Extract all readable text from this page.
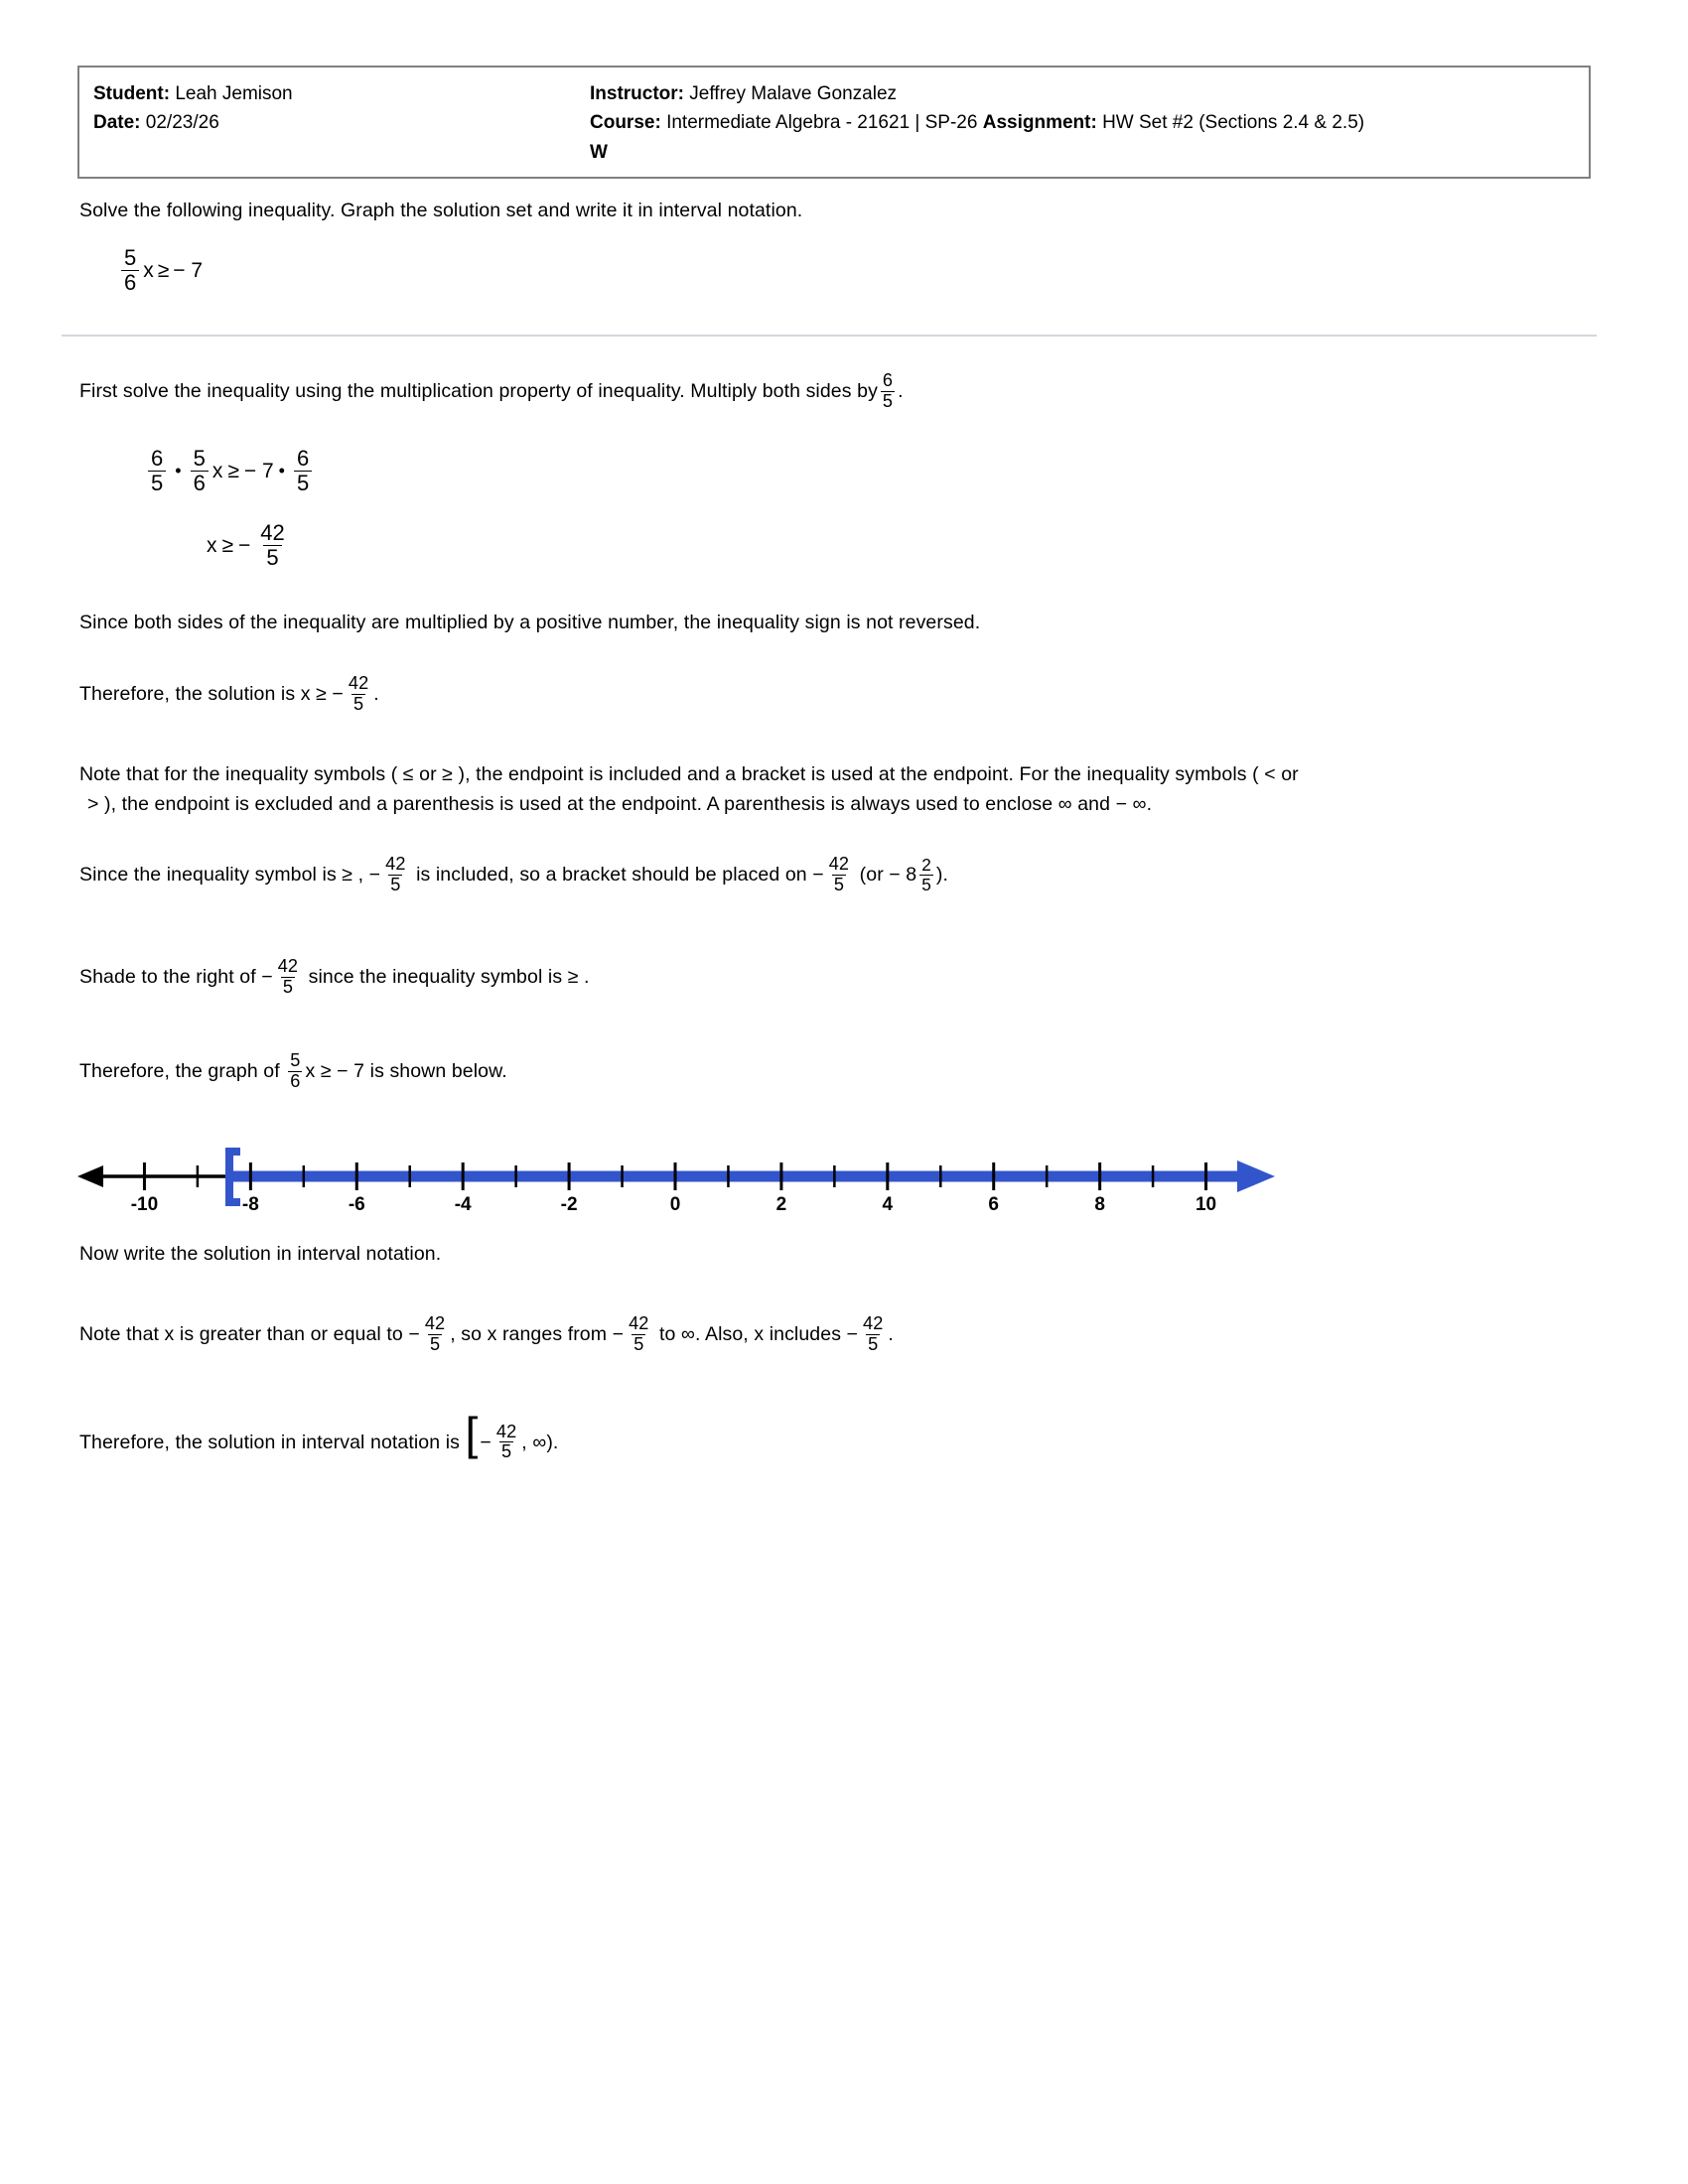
Student: Leah Jemison
Date: 02/23/26
Instructor: Jeffrey Malave Gonzalez
Course: Intermediate Algebra - 21621 | SP-26 Assignment: HW Set #2 (Sections 2.4 & 2.5)
W
Solve the following inequality. Graph the solution set and write it in interval notation.
$\frac{5}{6}$ x ≥ − 7
First solve the inequality using the multiplication property of inequality. Multiply both sides by $\frac{6}{5}$ .
$\frac{6}{5}$ • $\frac{5}{6}$ x ≥ − 7 • $\frac{6}{5}$
x ≥ − $\frac{42}{5}$
Since both sides of the inequality are multiplied by a positive number, the inequality sign is not reversed.
Therefore, the solution is x ≥ − $\frac{42}{5}$ .
Note that for the inequality symbols ( ≤ or ≥ ), the endpoint is included and a bracket is used at the endpoint. For the inequality symbols ( < or
> ), the endpoint is excluded and a parenthesis is used at the endpoint. A parenthesis is always used to enclose ∞ and − ∞.
Since the inequality symbol is ≥ , − $\frac{42}{5}$ is included, so a bracket should be placed on − $\frac{42}{5} (or - 8 \frac{2}{5}$ ).
Shade to the right of − $\frac{42}{5}$ since the inequality symbol is ≥ .
Therefore, the graph of $\frac{5}{6}$ x ≥ − 7 is shown below.
-10	-8	-6	-4	-2	0	2	4	6	8	10
Now write the solution in interval notation.
Note that x is greater than or equal to − $\frac{42}{5}$ , so x ranges from − $\frac{42}{5}$ to ∞. Also, x includes − $\frac{42}{5}$ .
Therefore, the solution in interval notation is [ − $\frac{42}{5}$ , ∞).
